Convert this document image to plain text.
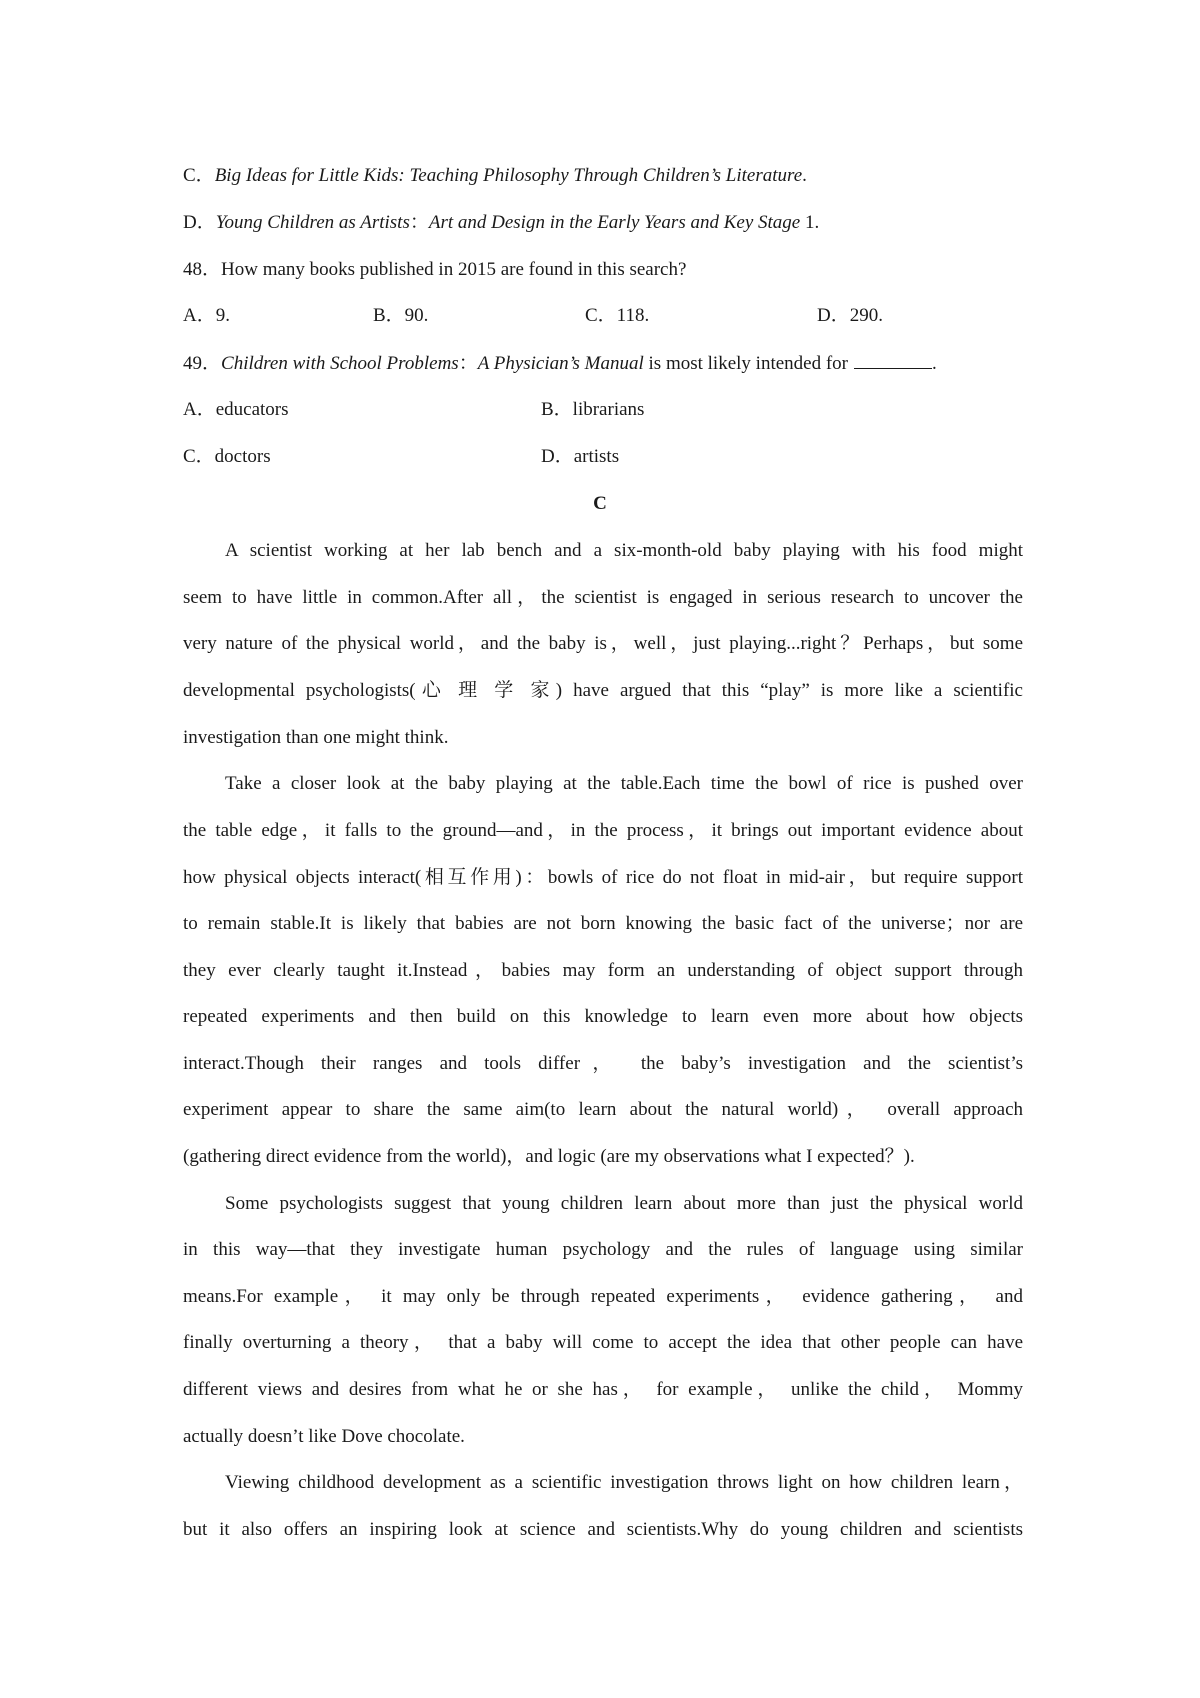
C．Big Ideas for Little Kids: Teaching Philosophy Through Children’s Literature.
D．Young Children as Artists：Art and Design in the Early Years and Key Stage 1.
48．How many books published in 2015 are found in this search?
A．9.	B．90.	C．118.	D．290.
49．Children with School Problems：A Physician’s Manual is most likely intended for	.
A．educators	B．librarians
C．doctors	D．artists
C
A scientist working at her lab bench and a six-month-old baby playing with his food might
seem to have little in common.After all，the scientist is engaged in serious research to uncover the
very nature of the physical world，and the baby is，well，just playing...right？Perhaps，but some
developmental psychologists(心 理 学 家) have argued that this “play” is more like a scientific
investigation than one might think.
Take a closer look at the baby playing at the table.Each time the bowl of rice is pushed over
the table edge，it falls to the ground—and，in the process，it brings out important evidence about
how physical objects interact(相互作用)：bowls of rice do not float in mid-air，but require support
to remain stable.It is likely that babies are not born knowing the basic fact of the universe；nor are
they ever clearly taught it.Instead，babies may form an understanding of object support through
repeated experiments and then build on this knowledge to learn even more about how objects
interact.Though their ranges and tools differ， the baby’s investigation and the scientist’s
experiment appear to share the same aim(to learn about the natural world)， overall approach
(gathering direct evidence from the world)，and logic (are my observations what I expected？).
Some psychologists suggest that young children learn about more than just the physical world
in this way—that they investigate human psychology and the rules of language using similar
means.For example， it may only be through repeated experiments， evidence gathering， and
finally overturning a theory， that a baby will come to accept the idea that other people can have
different views and desires from what he or she has， for example， unlike the child， Mommy
actually doesn’t like Dove chocolate.
Viewing childhood development as a scientific investigation throws light on how children learn，
but it also offers an inspiring look at science and scientists.Why do young children and scientists
